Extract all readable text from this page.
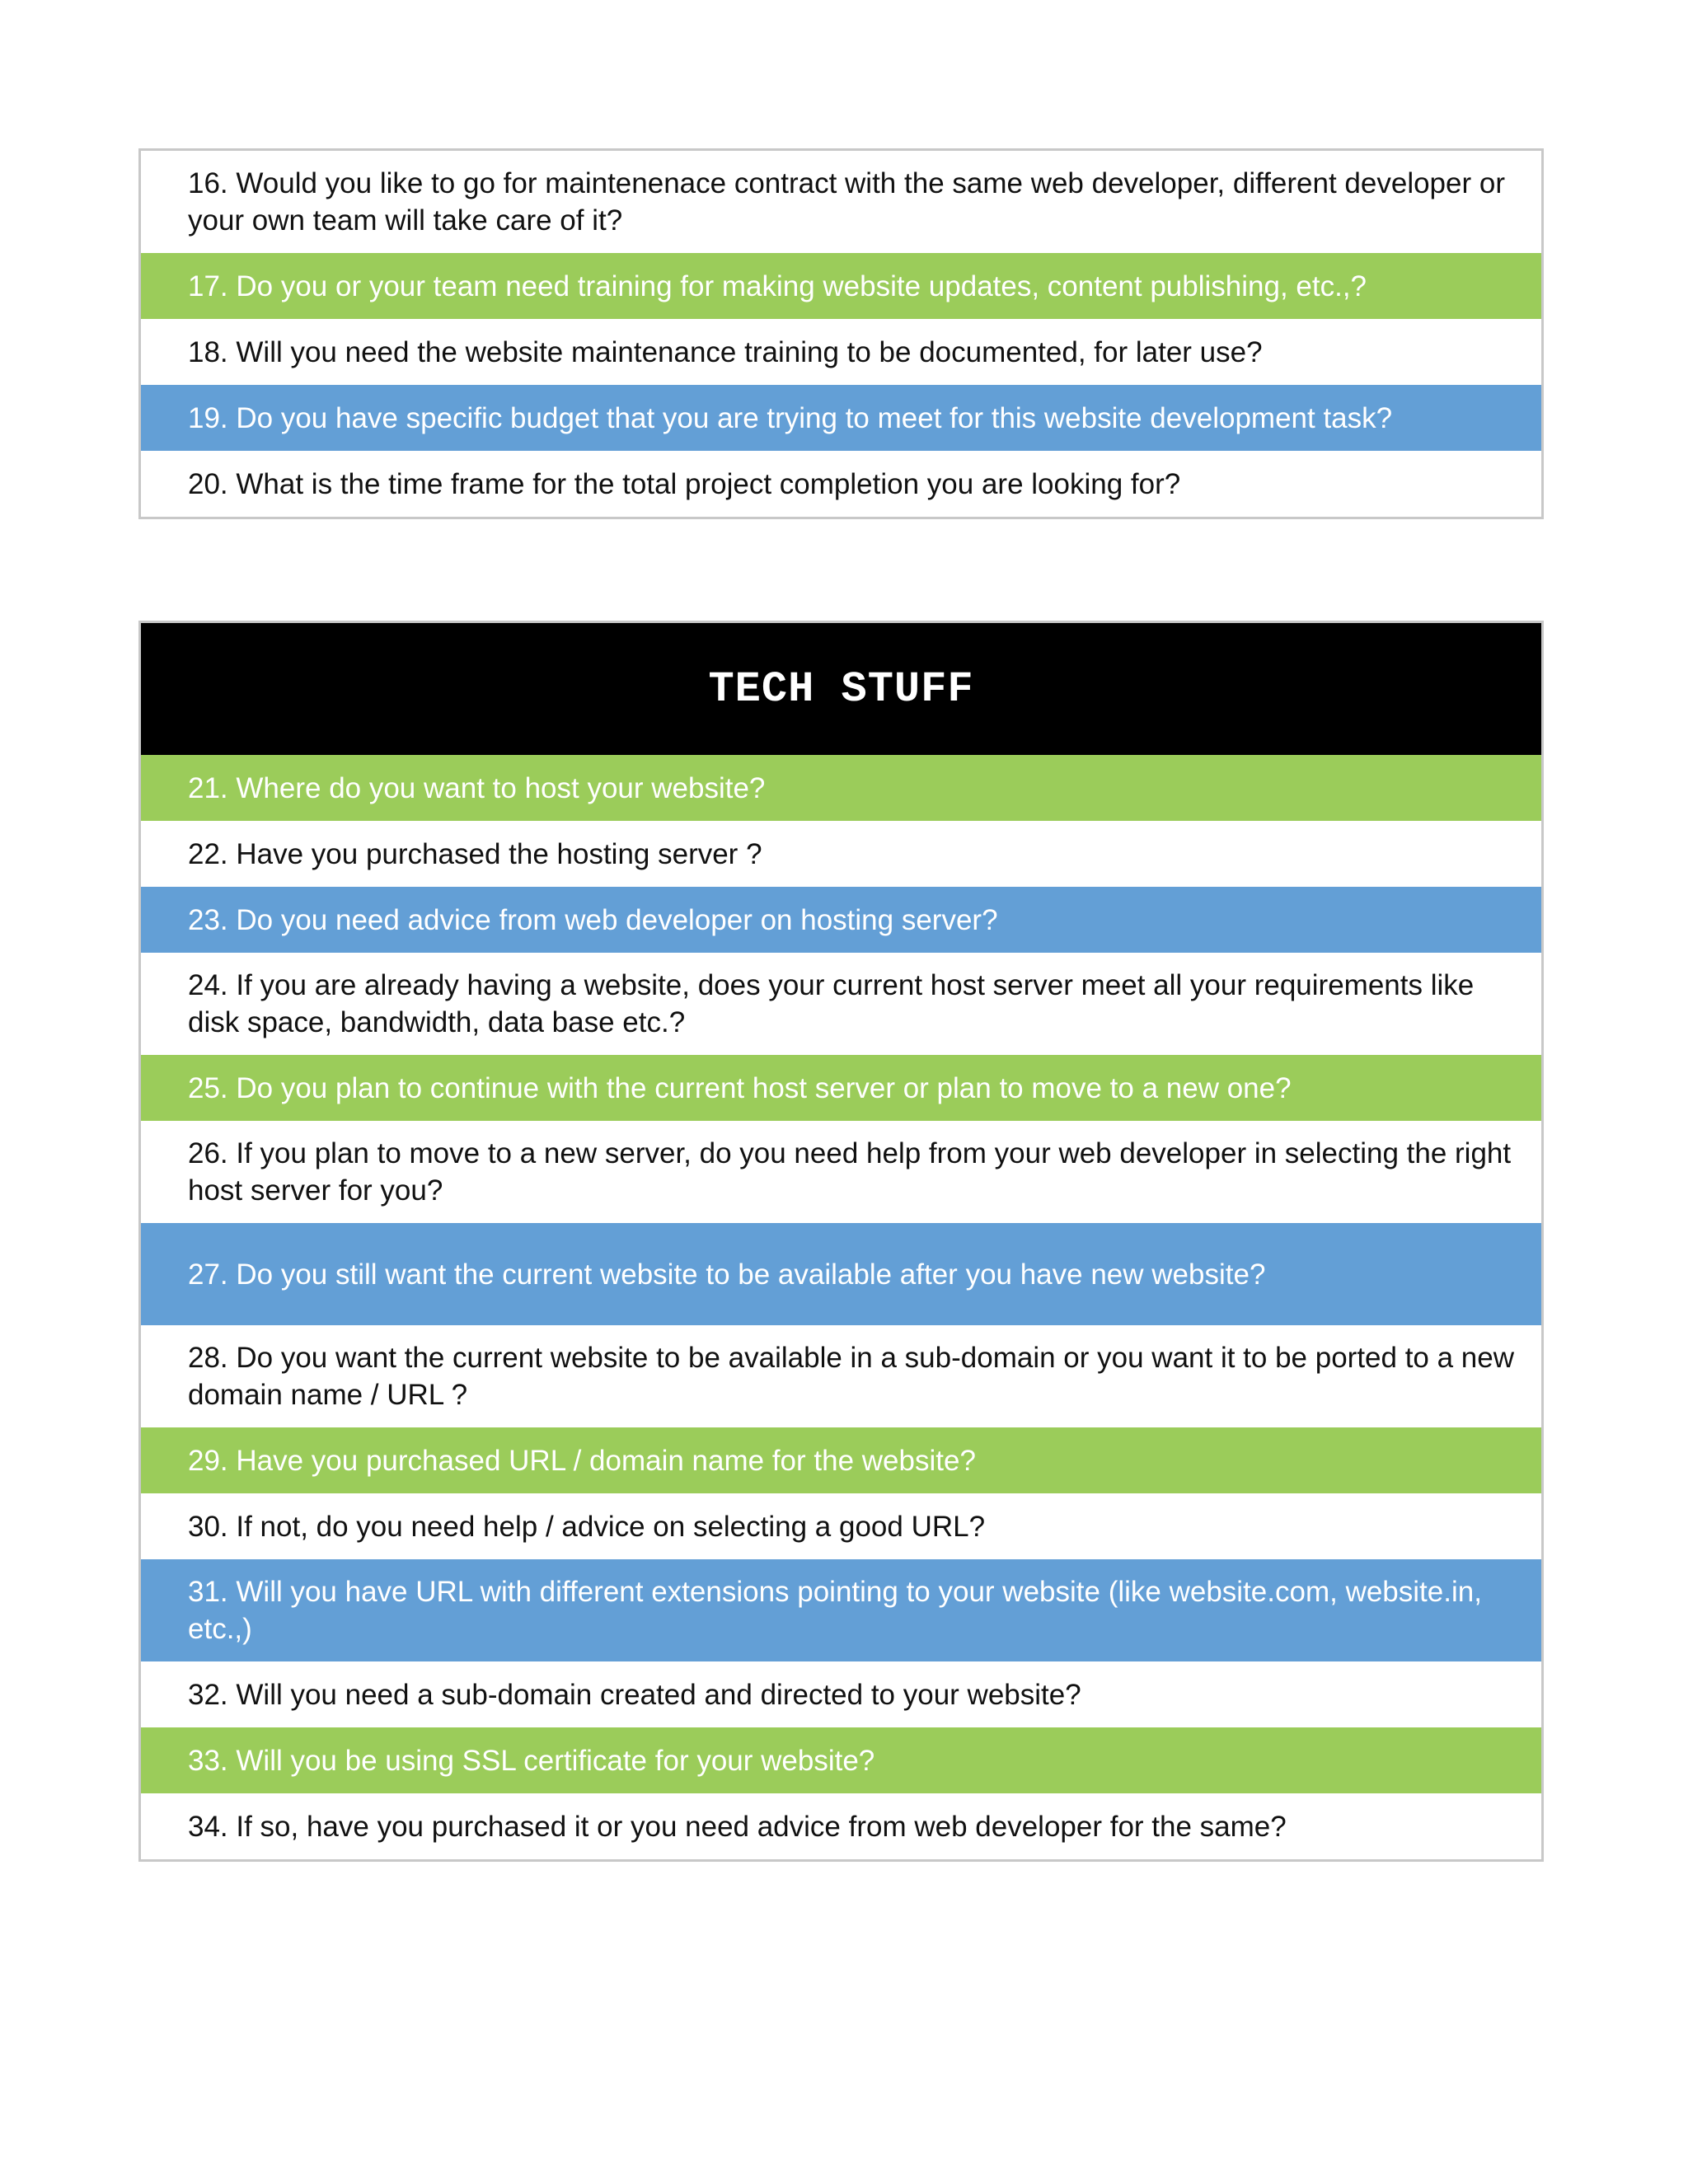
16. Would you like to go for maintenenace contract with the same web developer, different developer or your own team will take care of it?
17. Do you or your team need training for making website updates, content publishing, etc.,?
18. Will you need the website maintenance training to be documented, for later use?
19. Do you have specific budget that you are trying to meet for this website development task?
20. What is the time frame for the total project completion you are looking for?
TECH STUFF
21. Where do you want to host your website?
22. Have you purchased the hosting server ?
23. Do you need advice from web developer on hosting server?
24. If you are already having a website, does your current host server meet all your requirements like disk space, bandwidth, data base etc.?
25. Do you plan to continue with the current host server or plan to move to a new one?
26. If you plan to move to a new server, do you need help from your web developer in selecting the right host server for you?
27. Do you still want the current website to be available after you have new website?
28. Do you want the current website to be available in a sub-domain or you want it to be ported to a new domain name / URL ?
29. Have you purchased URL / domain name for the website?
30. If not, do you need help / advice on selecting a good URL?
31. Will you have URL with different extensions pointing to your website (like website.com, website.in, etc.,)
32. Will you need a sub-domain created and directed to your website?
33. Will you be using SSL certificate for your website?
34. If so, have you purchased it or you need advice from web developer for the same?
